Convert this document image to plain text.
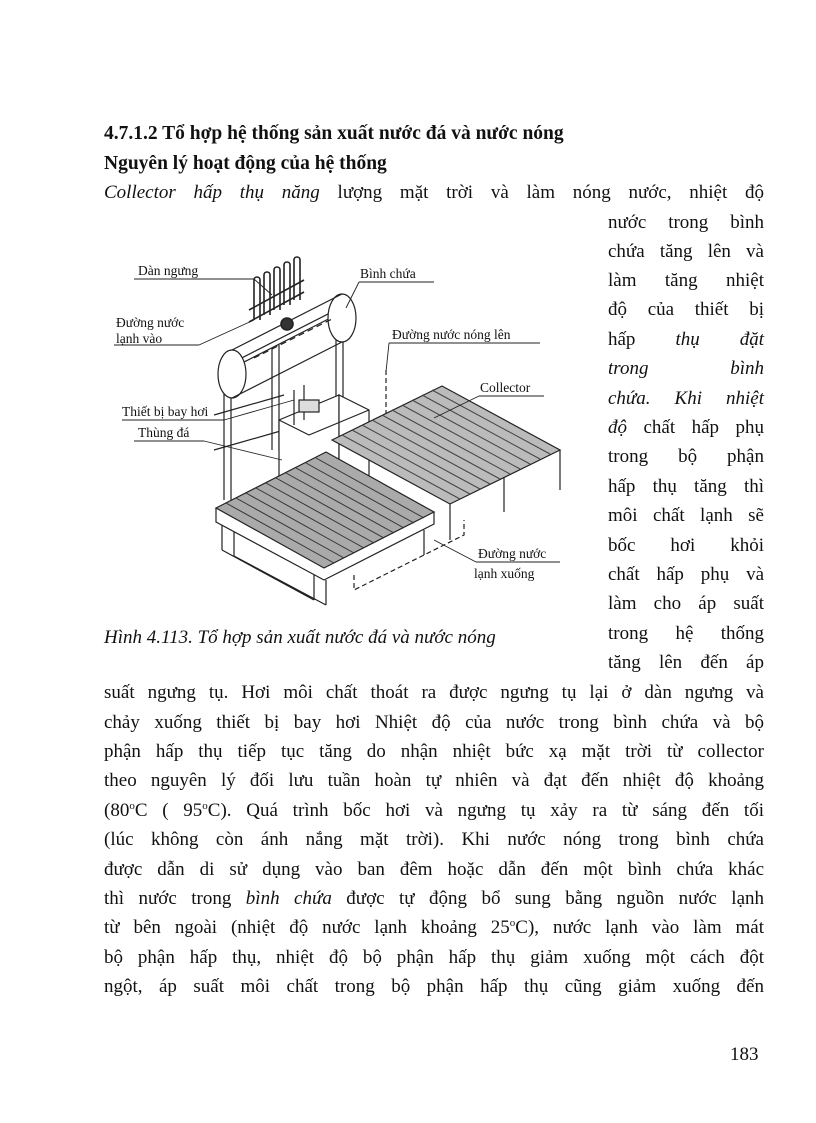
4.7.1.2 Tổ hợp hệ thống sản xuất nước đá và nước nóng
Nguyên lý hoạt động của hệ thống
Collector hấp thụ năng lượng mặt trời và làm nóng nước, nhiệt độ
nước trong bình
chứa tăng lên và
làm tăng nhiệt
độ của thiết bị
hấp thụ đặt
trong bình
chứa. Khi nhiệt
độ chất hấp phụ
trong bộ phận
hấp thụ tăng thì
môi chất lạnh sẽ
bốc hơi khỏi
chất hấp phụ và
làm cho áp suất
trong hệ thống
tăng lên đến áp
Dàn ngưng	Bình chứa
Đường nước
lạnh vào	Đường nước nóng lên
Collector
Thiết bị bay hơi
Thùng đá
Đường nước
lạnh xuống
Hình 4.113. Tổ hợp sản xuất nước đá và nước nóng
suất ngưng tụ. Hơi môi chất thoát ra được ngưng tụ lại ở dàn ngưng và
chảy xuống thiết bị bay hơi Nhiệt độ của nước trong bình chứa và bộ
phận hấp thụ tiếp tục tăng do nhận nhiệt bức xạ mặt trời từ collector
theo nguyên lý đối lưu tuần hoàn tự nhiên và đạt đến nhiệt độ khoảng
(80$^o$C ( 95$^o$C). Quá trình bốc hơi và ngưng tụ xảy ra từ sáng đến tối
(lúc không còn ánh nắng mặt trời). Khi nước nóng trong bình chứa
được dẫn di sử dụng vào ban đêm hoặc dẫn đến một bình chứa khác
thì nước trong bình chứa được tự động bổ sung bằng nguồn nước lạnh
từ bên ngoài (nhiệt độ nước lạnh khoảng 25$^o$C), nước lạnh vào làm mát
bộ phận hấp thụ, nhiệt độ bộ phận hấp thụ giảm xuống một cách đột
ngột, áp suất môi chất trong bộ phận hấp thụ cũng giảm xuống đến
183
